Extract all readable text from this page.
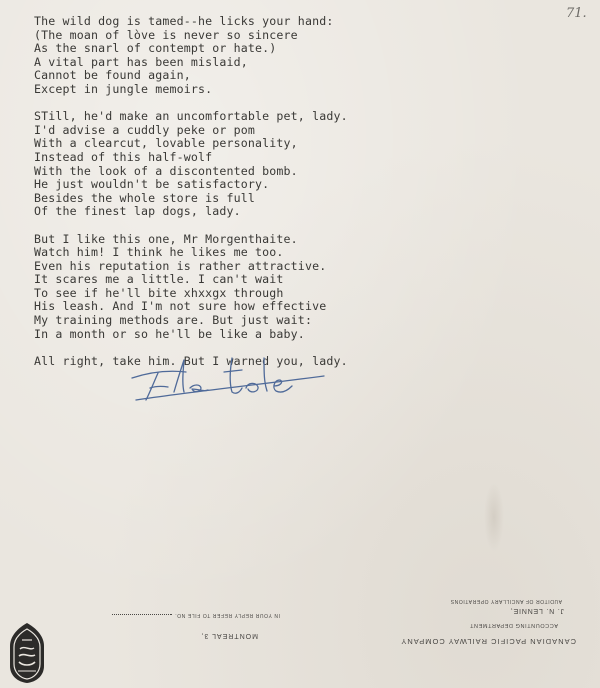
71.
The wild dog is tamed--he licks your hand:
(The moan of lòve is never so sincere
As the snarl of contempt or hate.)
A vital part has been mislaid,
Cannot be found again,
Except in jungle memoirs.
STill, he'd make an uncomfortable pet, lady.
I'd advise a cuddly peke or pom
With a clearcut, lovable personality,
Instead of this half-wolf
With the look of a discontented bomb.
He just wouldn't be satisfactory.
Besides the whole store is full
Of the finest lap dogs, lady.
But I like this one, Mr Morgenthaite.
Watch him! I think he likes me too.
Even his reputation is rather attractive.
It scares me a little. I can't wait
To see if he'll bite xhxxgx through
His leash. And I'm not sure how effective
My training methods are. But just wait:
In a month or so he'll be like a baby.
All right, take him. But I warned you, lady.
CANADIAN PACIFIC RAILWAY COMPANY
ACCOUNTING DEPARTMENT
J. N. LENNIE,
AUDITOR OF ANCILLARY OPERATIONS
MONTREAL 3,
IN YOUR REPLY REFER TO FILE NO.
